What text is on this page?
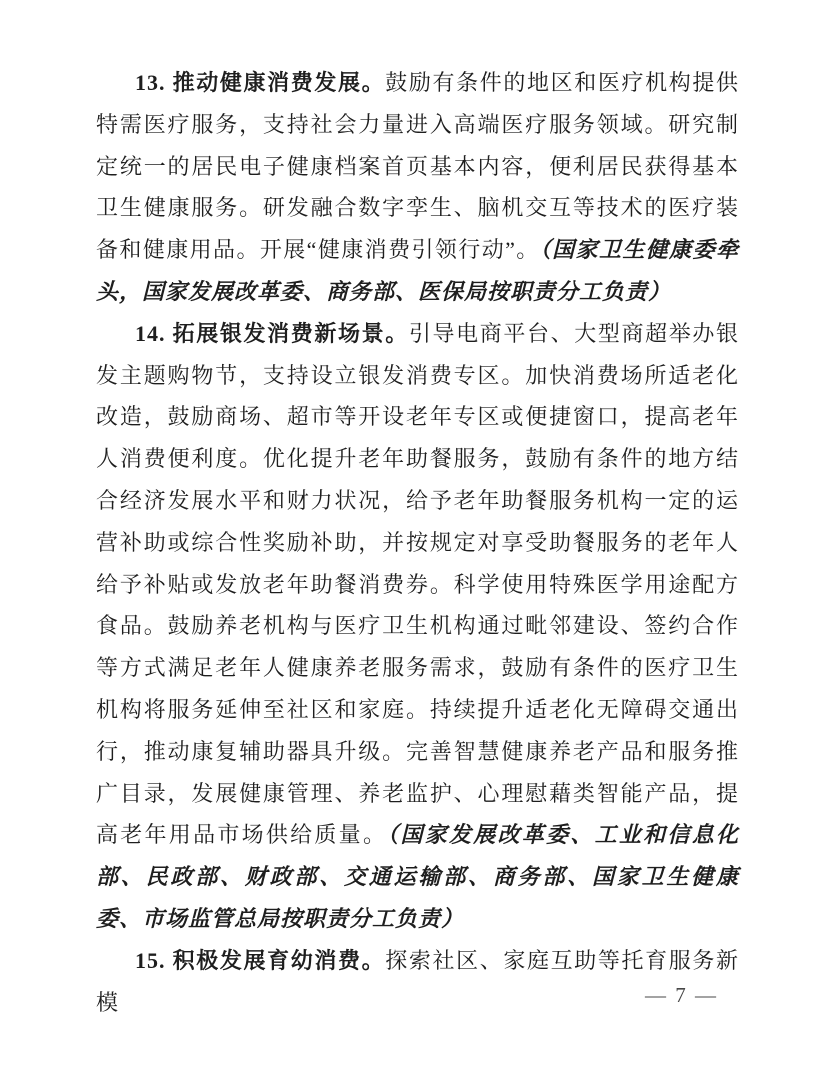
13. 推动健康消费发展。鼓励有条件的地区和医疗机构提供特需医疗服务，支持社会力量进入高端医疗服务领域。研究制定统一的居民电子健康档案首页基本内容，便利居民获得基本卫生健康服务。研发融合数字孪生、脑机交互等技术的医疗装备和健康用品。开展“健康消费引领行动”。（国家卫生健康委牵头，国家发展改革委、商务部、医保局按职责分工负责）

14. 拓展银发消费新场景。引导电商平台、大型商超举办银发主题购物节，支持设立银发消费专区。加快消费场所适老化改造，鼓励商场、超市等开设老年专区或便捷窗口，提高老年人消费便利度。优化提升老年助餐服务，鼓励有条件的地方结合经济发展水平和财力状况，给予老年助餐服务机构一定的运营补助或综合性奖励补助，并按规定对享受助餐服务的老年人给予补贴或发放老年助餐消费券。科学使用特殊医学用途配方食品。鼓励养老机构与医疗卫生机构通过毗邻建设、签约合作等方式满足老年人健康养老服务需求，鼓励有条件的医疗卫生机构将服务延伸至社区和家庭。持续提升适老化无障碍交通出行，推动康复辅助器具升级。完善智慧健康养老产品和服务推广目录，发展健康管理、养老监护、心理慰藉类智能产品，提高老年用品市场供给质量。（国家发展改革委、工业和信息化部、民政部、财政部、交通运输部、商务部、国家卫生健康委、市场监管总局按职责分工负责）

15. 积极发展育幼消费。探索社区、家庭互助等托育服务新模	— 7 —
